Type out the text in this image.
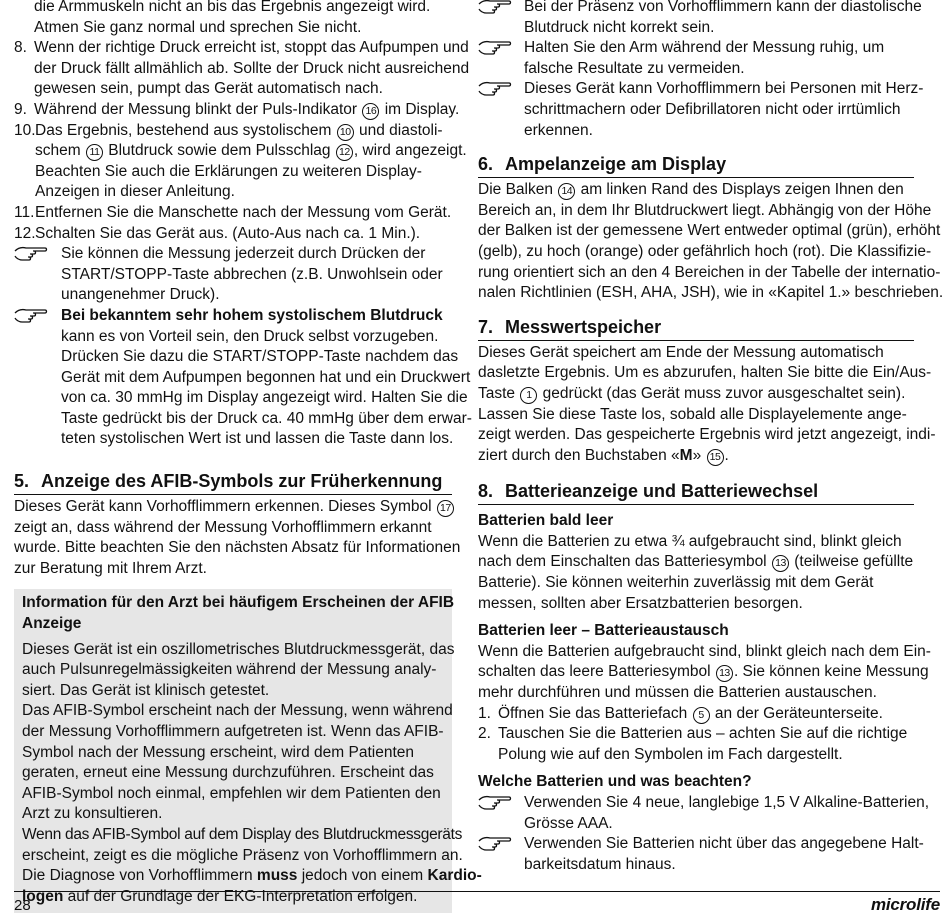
die Armmuskeln nicht an bis das Ergebnis angezeigt wird.
Atmen Sie ganz normal und sprechen Sie nicht.
8. Wenn der richtige Druck erreicht ist, stoppt das Aufpumpen und
der Druck fällt allmählich ab. Sollte der Druck nicht ausreichend
gewesen sein, pumpt das Gerät automatisch nach.
9. Während der Messung blinkt der Puls-Indikator 16 im Display.
10. Das Ergebnis, bestehend aus systolischem 10 und diastoli-
schem 11 Blutdruck sowie dem Pulsschlag 12 , wird angezeigt.
Beachten Sie auch die Erklärungen zu weiteren Display-
Anzeigen in dieser Anleitung.
11. Entfernen Sie die Manschette nach der Messung vom Gerät.
12. Schalten Sie das Gerät aus. (Auto-Aus nach ca. 1 Min.).
Sie können die Messung jederzeit durch Drücken der
START/STOPP-Taste abbrechen (z.B. Unwohlsein oder
unangenehmer Druck).
Bei bekanntem sehr hohem systolischem Blutdruck
kann es von Vorteil sein, den Druck selbst vorzugeben.
Drücken Sie dazu die START/STOPP-Taste nachdem das
Gerät mit dem Aufpumpen begonnen hat und ein Druckwert
von ca. 30 mmHg im Display angezeigt wird. Halten Sie die
Taste gedrückt bis der Druck ca. 40 mmHg über dem erwar-
teten systolischen Wert ist und lassen die Taste dann los.
5. Anzeige des AFIB-Symbols zur Früherkennung
Dieses Gerät kann Vorhofflimmern erkennen. Dieses Symbol 17
zeigt an, dass während der Messung Vorhofflimmern erkannt
wurde. Bitte beachten Sie den nächsten Absatz für Informationen
zur Beratung mit Ihrem Arzt.
Information für den Arzt bei häufigem Erscheinen der AFIB
Anzeige
Dieses Gerät ist ein oszillometrisches Blutdruckmessgerät, das
auch Pulsunregelmässigkeiten während der Messung analy-
siert. Das Gerät ist klinisch getestet.
Das AFIB-Symbol erscheint nach der Messung, wenn während
der Messung Vorhofflimmern aufgetreten ist. Wenn das AFIB-
Symbol nach der Messung erscheint, wird dem Patienten
geraten, erneut eine Messung durchzuführen. Erscheint das
AFIB-Symbol noch einmal, empfehlen wir dem Patienten den
Arzt zu konsultieren.
Wenn das AFIB-Symbol auf dem Display des Blutdruckmessgeräts
erscheint, zeigt es die mögliche Präsenz von Vorhofflimmern an.
Die Diagnose von Vorhofflimmern muss jedoch von einem Kardio-
logen auf der Grundlage der EKG-Interpretation erfolgen.
Bei der Präsenz von Vorhofflimmern kann der diastolische
Blutdruck nicht korrekt sein.
Halten Sie den Arm während der Messung ruhig, um
falsche Resultate zu vermeiden.
Dieses Gerät kann Vorhofflimmern bei Personen mit Herz-
schrittmachern oder Defibrillatoren nicht oder irrtümlich
erkennen.
6. Ampelanzeige am Display
Die Balken 14 am linken Rand des Displays zeigen Ihnen den
Bereich an, in dem Ihr Blutdruckwert liegt. Abhängig von der Höhe
der Balken ist der gemessene Wert entweder optimal (grün), erhöht
(gelb), zu hoch (orange) oder gefährlich hoch (rot). Die Klassifizie-
rung orientiert sich an den 4 Bereichen in der Tabelle der internatio-
nalen Richtlinien (ESH, AHA, JSH), wie in «Kapitel 1.» beschrieben.
7. Messwertspeicher
Dieses Gerät speichert am Ende der Messung automatisch
dasletzte Ergebnis. Um es abzurufen, halten Sie bitte die Ein/Aus-
Taste 1 gedrückt (das Gerät muss zuvor ausgeschaltet sein).
Lassen Sie diese Taste los, sobald alle Displayelemente ange-
zeigt werden. Das gespeicherte Ergebnis wird jetzt angezeigt, indi-
ziert durch den Buchstaben «M» 15 .
8. Batterieanzeige und Batteriewechsel
Batterien bald leer
Wenn die Batterien zu etwa ¾ aufgebraucht sind, blinkt gleich
nach dem Einschalten das Batteriesymbol 13 (teilweise gefüllte
Batterie). Sie können weiterhin zuverlässig mit dem Gerät
messen, sollten aber Ersatzbatterien besorgen.
Batterien leer – Batterieaustausch
Wenn die Batterien aufgebraucht sind, blinkt gleich nach dem Ein-
schalten das leere Batteriesymbol 13 . Sie können keine Messung
mehr durchführen und müssen die Batterien austauschen.
1. Öffnen Sie das Batteriefach 5 an der Geräteunterseite.
2. Tauschen Sie die Batterien aus – achten Sie auf die richtige
Polung wie auf den Symbolen im Fach dargestellt.
Welche Batterien und was beachten?
Verwenden Sie 4 neue, langlebige 1,5 V Alkaline-Batterien,
Grösse AAA.
Verwenden Sie Batterien nicht über das angegebene Halt-
barkeitsdatum hinaus.
28	microlife
